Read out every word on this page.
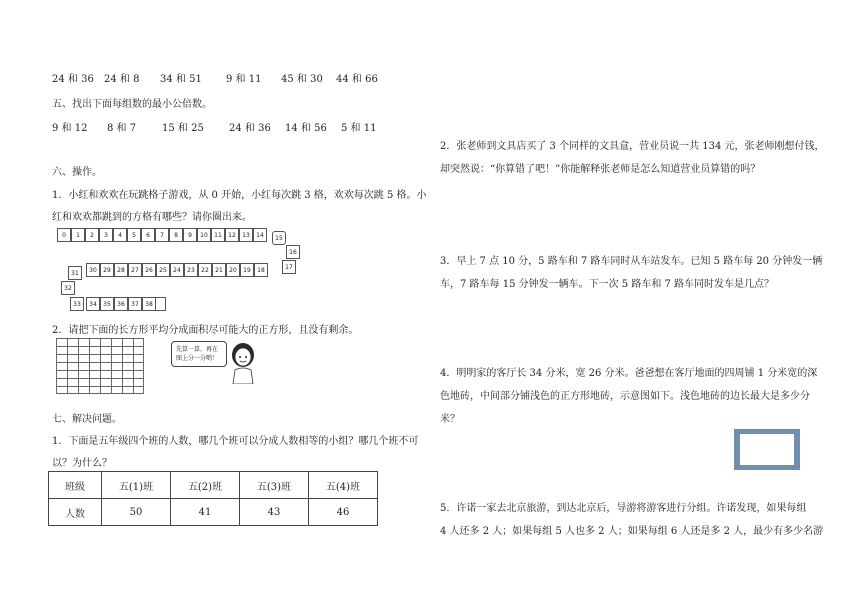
24 和 36 24 和 8 34 和 51 9 和 11 45 和 30 44 和 66
五、找出下面每组数的最小公倍数。
9 和 12 8 和 7	15 和 25	24 和 36 14 和 56 5 和 11
六、操作。
1．小红和欢欢在玩跳格子游戏，从 0 开始，小红每次跳 3 格，欢欢每次跳 5 格。小
红和欢欢都跳到的方格有哪些？请你圈出来。
0	1	2	3	4	5	6	7	8	9	10	11	12	13	14	15
16
17
30	29	28	27	26	25	24	23	22	21	20	19	18
31
32
33	34	35	36	37	38
2．请把下面的长方形平均分成面积尽可能大的正方形，且没有剩余。
先算一算，再在图上分一分哟！
七、解决问题。
1．下面是五年级四个班的人数，哪几个班可以分成人数相等的小组？哪几个班不可
以？为什么？
班级	五(1)班	五(2)班	五(3)班	五(4)班
人数	50	41	43	46
2．张老师到文具店买了 3 个同样的文具盒，营业员说一共 134 元，张老师刚想付钱，
却突然说：“你算错了吧！”你能解释张老师是怎么知道营业员算错的吗？
3．早上 7 点 10 分，5 路车和 7 路车同时从车站发车。已知 5 路车每 20 分钟发一辆
车，7 路车每 15 分钟发一辆车。下一次 5 路车和 7 路车同时发车是几点？
4．明明家的客厅长 34 分米，宽 26 分米。爸爸想在客厅地面的四周铺 1 分米宽的深
色地砖，中间部分铺浅色的正方形地砖，示意图如下。浅色地砖的边长最大是多少分
米？
5．许诺一家去北京旅游，到达北京后，导游将游客进行分组。许诺发现，如果每组
4 人还多 2 人；如果每组 5 人也多 2 人；如果每组 6 人还是多 2 人，最少有多少名游
